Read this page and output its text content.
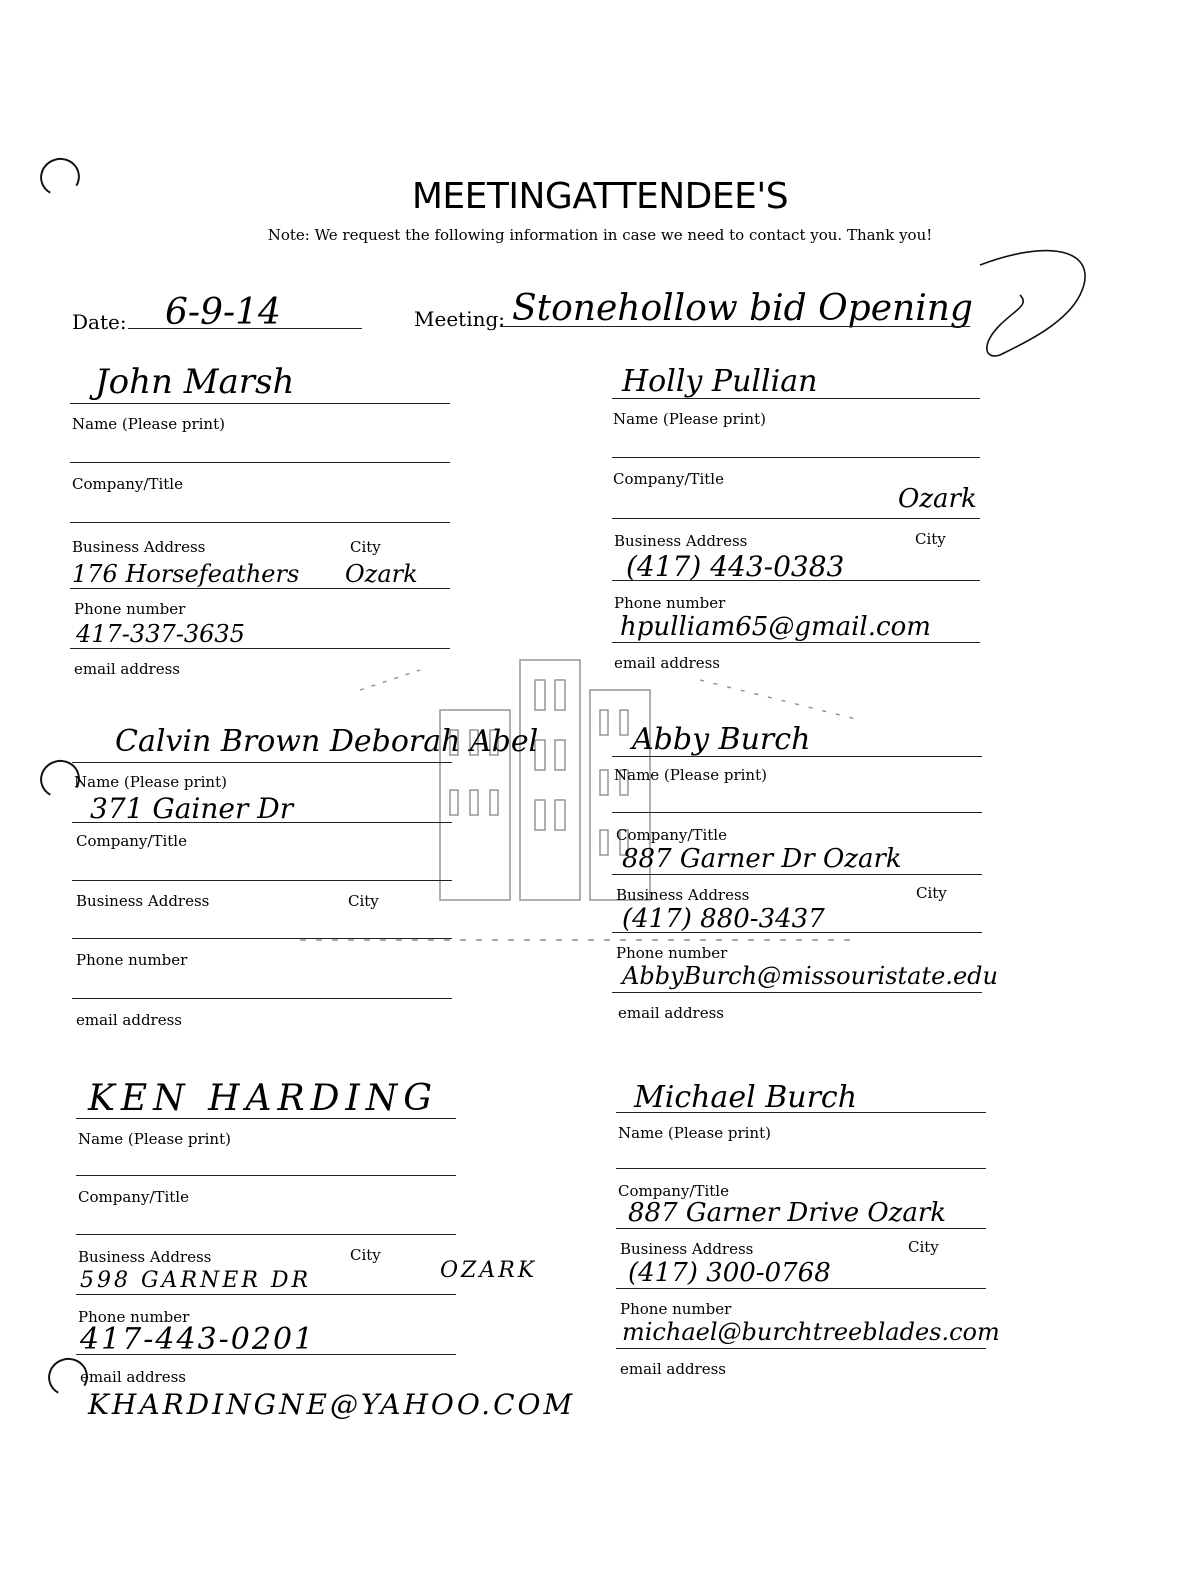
MEETINGATTENDEE'S
Note: We request the following information in case we need to contact you. Thank you!
Date: 6-9-14	Meeting: Stonehollow bid Opening
John Marsh
Name (Please print)
Company/Title
Business Address	City
176 Horsefeathers Ozark
Phone number
417-337-3635
email address
Holly Pullian
Name (Please print)
Company/Title
Ozark
Business Address	City
(417) 443-0383
Phone number
hpulliam65@gmail.com
email address
Calvin Brown Deborah Abel
Name (Please print)
371 Gainer Dr
Company/Title
Business Address	City
Phone number
email address
Abby Burch
Name (Please print)
Company/Title
887 Garner Dr Ozark
Business Address	City
(417) 880-3437
Phone number
AbbyBurch@missouristate.edu
email address
KEN HARDING
Name (Please print)
Company/Title
Business Address	City
598 GARNER DR	OZARK
Phone number
417-443-0201
email address
KHARDINGNE@YAHOO.COM
Michael Burch
Name (Please print)
Company/Title
887 Garner Drive Ozark
Business Address	City
(417) 300-0768
Phone number
michael@burchtreeblades.com
email address
